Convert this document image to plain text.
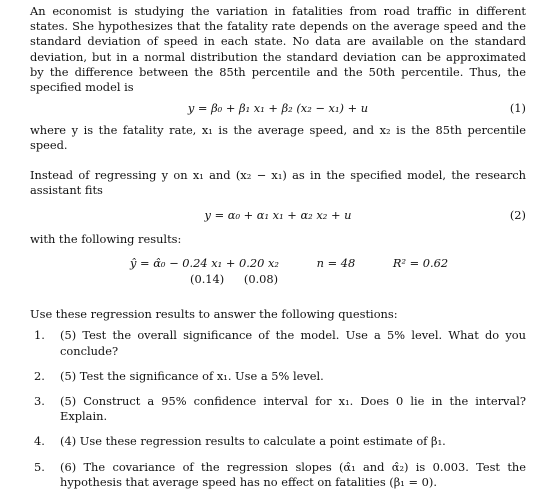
An economist is studying the variation in fatalities from road traffic in different states. She hypothesizes that the fatality rate depends on the average speed and the standard deviation of speed in each state. No data are available on the standard deviation, but in a normal distribution the standard deviation can be approximated by the difference between the 85th percentile and the 50th percentile. Thus, the specified model is

y = β₀ + β₁ x₁ + β₂ (x₂ − x₁) + u	(1)

where y is the fatality rate, x₁ is the average speed, and x₂ is the 85th percentile speed.

Instead of regressing y on x₁ and (x₂ − x₁) as in the specified model, the research assistant fits

y = α₀ + α₁ x₁ + α₂ x₂ + u	(2)

with the following results:

ŷ = α̂₀ − 0.24 x₁ + 0.20 x₂	n = 48	R² = 0.62
(0.14) (0.08)

Use these regression results to answer the following questions:

1. (5) Test the overall significance of the model. Use a 5% level. What do you conclude?
2. (5) Test the significance of x₁. Use a 5% level.
3. (5) Construct a 95% confidence interval for x₁. Does 0 lie in the interval? Explain.
4. (4) Use these regression results to calculate a point estimate of β₁.
5. (6) The covariance of the regression slopes (α̂₁ and α̂₂) is 0.003. Test the hypothesis that average speed has no effect on fatalities (β₁ = 0).
